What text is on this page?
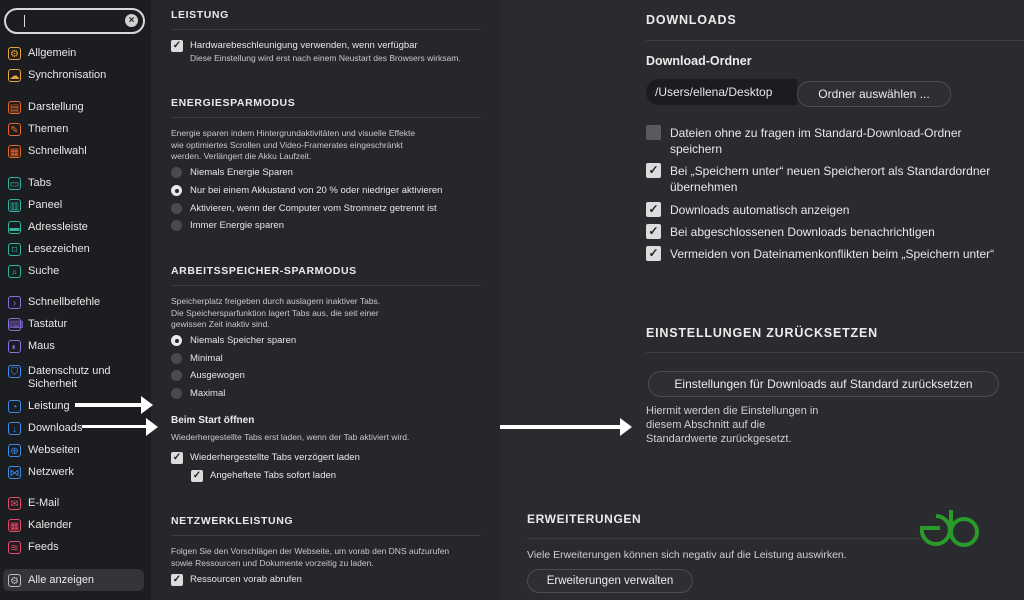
×
⚙ Allgemein
☁ Synchronisation
▤ Darstellung
✎ Themen
▦ Schnellwahl
▭ Tabs
▥ Paneel
▬ Adressleiste
⌑ Lesezeichen
⌕ Suche
›	Schnellbefehle
⌨ Tastatur
◐ Maus
⛉ Datenschutz und Sicherheit
◔ Leistung
↓	Downloads
⊕ Webseiten
⋈ Netzwerk
✉ E-Mail
▦ Kalender
≋ Feeds
⚙ Alle anzeigen
LEISTUNG
✓ Hardwarebeschleunigung verwenden, wenn verfügbar
Diese Einstellung wird erst nach einem Neustart des Browsers wirksam.
ENERGIESPARMODUS
Energie sparen indem Hintergrundaktivitäten und visuelle Effekte wie optimiertes Scrollen und Video-Framerates eingeschränkt werden. Verlängert die Akku Laufzeit.
Niemals Energie Sparen
Nur bei einem Akkustand von 20 % oder niedriger aktivieren
Aktivieren, wenn der Computer vom Stromnetz getrennt ist
Immer Energie sparen
ARBEITSSPEICHER-SPARMODUS
Speicherplatz freigeben durch auslagern inaktiver Tabs. Die Speichersparfunktion lagert Tabs aus, die seit einer gewissen Zeit inaktiv sind.
Niemals Speicher sparen
Minimal
Ausgewogen
Maximal
Beim Start öffnen
Wiederhergestellte Tabs erst laden, wenn der Tab aktiviert wird.
✓ Wiederhergestellte Tabs verzögert laden
✓ Angeheftete Tabs sofort laden
NETZWERKLEISTUNG
Folgen Sie den Vorschlägen der Webseite, um vorab den DNS aufzurufen sowie Ressourcen und Dokumente vorzeitig zu laden.
✓ Ressourcen vorab abrufen
DOWNLOADS
Download-Ordner
/Users/ellena/Desktop	Ordner auswählen ...
Dateien ohne zu fragen im Standard-Download-Ordner speichern
✓ Bei „Speichern unter“ neuen Speicherort als Standardordner übernehmen
✓ Downloads automatisch anzeigen
✓ Bei abgeschlossenen Downloads benachrichtigen
✓ Vermeiden von Dateinamenkonflikten beim „Speichern unter“
EINSTELLUNGEN ZURÜCKSETZEN
Einstellungen für Downloads auf Standard zurücksetzen
Hiermit werden die Einstellungen in diesem Abschnitt auf die Standardwerte zurückgesetzt.
ERWEITERUNGEN
Viele Erweiterungen können sich negativ auf die Leistung auswirken.
Erweiterungen verwalten
